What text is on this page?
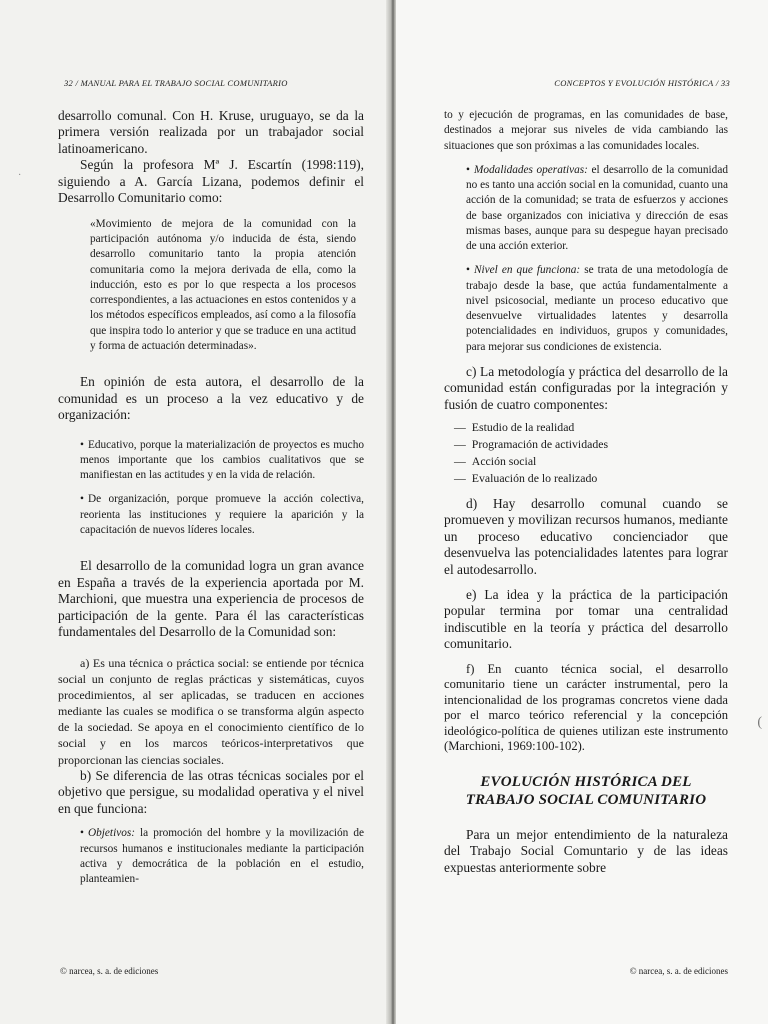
32 / MANUAL PARA EL TRABAJO SOCIAL COMUNITARIO

desarrollo comunal. Con H. Kruse, uruguayo, se da la primera versión realizada por un trabajador social latinoamericano.

Según la profesora Mª J. Escartín (1998:119), siguiendo a A. García Lizana, podemos definir el Desarrollo Comunitario como:

«Movimiento de mejora de la comunidad con la participación autónoma y/o inducida de ésta, siendo desarrollo comunitario tanto la propia atención comunitaria como la mejora derivada de ella, como la inducción, esto es por lo que respecta a los procesos correspondientes, a las actuaciones en estos contenidos y a los métodos específicos empleados, así como a la filosofía que inspira todo lo anterior y que se traduce en una actitud y forma de actuación determinadas».

En opinión de esta autora, el desarrollo de la comunidad es un proceso a la vez educativo y de organización:

• Educativo, porque la materialización de proyectos es mucho menos importante que los cambios cualitativos que se manifiestan en las actitudes y en la vida de relación.

• De organización, porque promueve la acción colectiva, reorienta las instituciones y requiere la aparición y la capacitación de nuevos líderes locales.

El desarrollo de la comunidad logra un gran avance en España a través de la experiencia aportada por M. Marchioni, que muestra una experiencia de procesos de participación de la gente. Para él las características fundamentales del Desarrollo de la Comunidad son:

a) Es una técnica o práctica social: se entiende por técnica social un conjunto de reglas prácticas y sistemáticas, cuyos procedimientos, al ser aplicadas, se traducen en acciones mediante las cuales se modifica o se transforma algún aspecto de la sociedad. Se apoya en el conocimiento científico de lo social y en los marcos teóricos-interpretativos que proporcionan las ciencias sociales.

b) Se diferencia de las otras técnicas sociales por el objetivo que persigue, su modalidad operativa y el nivel en que funciona:

• Objetivos: la promoción del hombre y la movilización de recursos humanos e institucionales mediante la participación activa y democrática de la población en el estudio, planteamien-

© narcea, s. a. de ediciones
·
CONCEPTOS Y EVOLUCIÓN HISTÓRICA / 33

to y ejecución de programas, en las comunidades de base, destinados a mejorar sus niveles de vida cambiando las situaciones que son próximas a las comunidades locales.

• Modalidades operativas: el desarrollo de la comunidad no es tanto una acción social en la comunidad, cuanto una acción de la comunidad; se trata de esfuerzos y acciones de base organizados con iniciativa y dirección de esas mismas bases, aunque para su despegue hayan precisado de una acción exterior.

• Nivel en que funciona: se trata de una metodología de trabajo desde la base, que actúa fundamentalmente a nivel psicosocial, mediante un proceso educativo que desenvuelve virtualidades latentes y desarrolla potencialidades en individuos, grupos y comunidades, para mejorar sus condiciones de existencia.

c) La metodología y práctica del desarrollo de la comunidad están configuradas por la integración y fusión de cuatro componentes:

— Estudio de la realidad
— Programación de actividades
— Acción social
— Evaluación de lo realizado

d) Hay desarrollo comunal cuando se promueven y movilizan recursos humanos, mediante un proceso educativo concienciador que desenvuelva las potencialidades latentes para lograr el autodesarrollo.

e) La idea y la práctica de la participación popular termina por tomar una centralidad indiscutible en la teoría y práctica del desarrollo comunitario.

f) En cuanto técnica social, el desarrollo comunitario tiene un carácter instrumental, pero la intencionalidad de los programas concretos viene dada por el marco teórico referencial y la concepción ideológico-política de quienes utilizan este instrumento (Marchioni, 1969:100-102).

EVOLUCIÓN HISTÓRICA DEL
TRABAJO SOCIAL COMUNITARIO

Para un mejor entendimiento de la naturaleza del Trabajo Social Comuntario y de las ideas expuestas anteriormente sobre

© narcea, s. a. de ediciones
(
